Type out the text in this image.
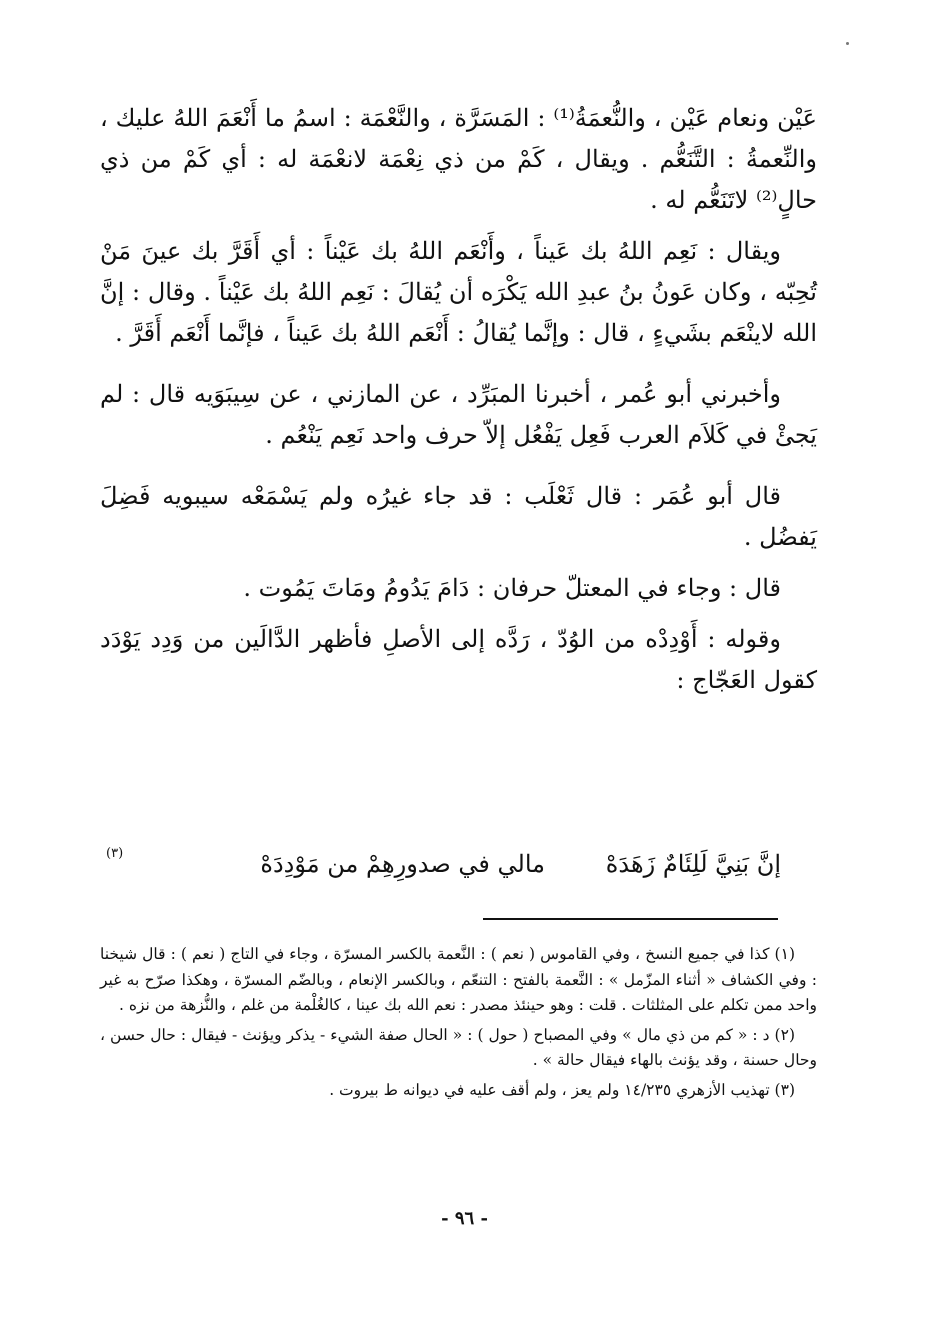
عَيْن ونعام عَيْن ، والنُّعمَةُ⁽¹⁾ : المَسَرَّة ، والنَّعْمَة : اسمُ ما أَنْعَمَ اللهُ عليك ، والنِّعمةُ : التَّنَعُّم . ويقال ، كَمْ من ذي نِعْمَة لانعْمَة له : أي كَمْ من ذي حالٍ⁽²⁾ لاتَنَعُّم له .

ويقال : نَعِم اللهُ بك عَيناً ، وأَنْعَم اللهُ بك عَيْناً : أي أَقَرَّ بك عينَ مَنْ تُحِبّه ، وكان عَونُ بنُ عبدِ الله يَكْرَه أن يُقالَ : نَعِم اللهُ بك عَيْناً . وقال : إنَّ الله لاينْعَم بشَيءٍ ، قال : وإنَّما يُقالُ : أَنْعَم اللهُ بك عَيناً ، فإنَّما أَنْعَم أَقَرَّ .

وأخبرني أبو عُمر ، أخبرنا المبَرِّد ، عن المازني ، عن سِيبَوَيه قال : لم يَجئْ في كَلاَم العرب فَعِل يَفْعُل إلاّ حرف واحد نَعِم يَنْعُم .

قال أبو عُمَر : قال ثَعْلَب : قد جاء غيرُه ولم يَسْمَعْه سيبويه فَضِلَ يَفضُل .

قال : وجاء في المعتلّ حرفان : دَامَ يَدُومُ ومَاتَ يَمُوت .

وقوله : أَوْدِدْه من الوُدّ ، رَدَّه إلى الأصلِ فأظهر الدَّالَين من وَدِد يَوْدَد كقول العَجّاج :

إنَّ بَنِيَّ لَلِئَامٌ زَهَدَهْ
مالي في صدورِهِمْ من مَوْدِدَهْ
(٣)

(١) كذا في جميع النسخ ، وفي القاموس ( نعم ) : النَّعمة بالكسر المسرّة ، وجاء في التاج ( نعم ) : قال شيخنا : وفي الكشاف « أثناء المزّمل » : النَّعمة بالفتح : التنعّم ، وبالكسر الإنعام ، وبالضّم المسرّة ، وهكذا صرّح به غير واحد ممن تكلم على المثلثات . قلت : وهو حينئذ مصدر : نعم الله بك عينا ، كالغُلْمة من غلم ، والنُّزهة من نزه .

(٢) د : « كم من ذي مال » وفي المصباح ( حول ) : « الحال صفة الشيء - يذكر ويؤنث - فيقال : حال حسن ، وحال حسنة ، وقد يؤنث بالهاء فيقال حالة » .

(٣) تهذيب الأزهري ١٤/٢٣٥ ولم يعز ، ولم أقف عليه في ديوانه ط بيروت .

- ٩٦ -
